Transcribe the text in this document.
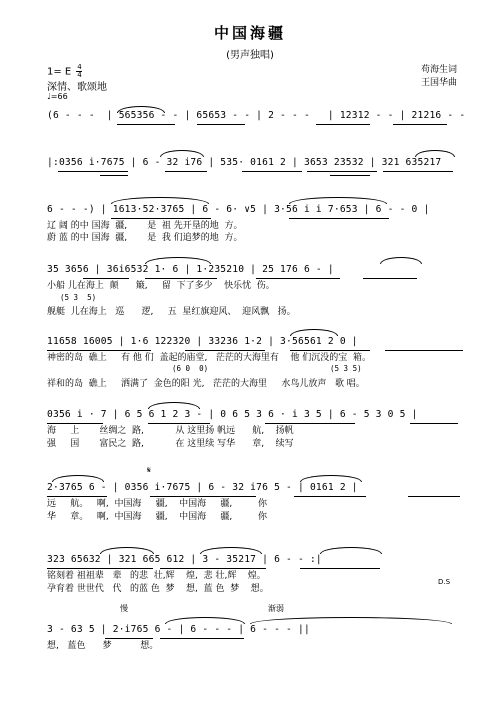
中国海疆
(男声独唱)
苟海生词
王国华曲
1= E $\frac{4}{4}$
深情、歌颂地
♩=66
(6 - - -  | 565356 - - | 65653 - - | 2 - - -   | 12312 - - | 21216 - -
|:0356 i·7675 | 6 - 32 i76 | 535· 0161 2 | 3653 23532 | 321 635217
6 - - -) | 1613·52·3765 | 6 - 6· ∨5 | 3·56 i i 7·653 | 6 - - 0 |
辽 阔 的中 国海  疆,       是  祖 先开垦的地  方。
蔚 蓝 的中 国海  疆,       是  我 们追梦的地  方。
35 3656 | 36i6532 1· 6 | 1·235210 | 25 176 6 - |
小船 儿在海上  颠      簸,     留  下了多少    快乐忧  伤。
(5 3  5)
舰艇  儿在海上   巡      逻,     五  星红旗迎风、  迎风飘   扬。
11658 16005 | 1·6 122320 | 33236 1·2 | 3·56561 2 0 |
神密的岛  礁上     有 他 们  盖起的庙堂,   茫茫的大海里有    他 们沉没的宝  箱。
(6 0  0)	(5 3 5)
祥和的岛  礁上     洒满了  金色的阳 光,   茫茫的大海里     水鸟儿放声   歌 唱。
0356 i · 7 | 6 5 6 1 2 3 - | 0 6 5 3 6 · i 3 5 | 6 - 5 3 0 5 |
海     上       丝绸之  路,           从 这里扬 帆远      航,    扬帆
强     国       富民之  路,           在 这里续 写华      章,    续写
2·3765 6 - | 0356 i·7675 | 6 - 32 i76 5 - | 0161 2 |
𝄋
远     航。   啊,  中国海     疆,    中国海     疆,         你
华     章。   啊,  中国海     疆,    中国海     疆,         你
323 65632 | 321 665 612 | 3 - 35217 | 6 - - :|
铭刻着 祖祖辈   辈   的悲  壮,辉    煌,  悲 壮,辉    煌。
孕育着 世世代   代   的蓝 色  梦    想,  蓝 色  梦    想。
D.S
慢	渐弱
3 - 63 5 | 2·i765 6 - | 6 - - - | 6 - - - ||
想,   蓝色      梦          想。
